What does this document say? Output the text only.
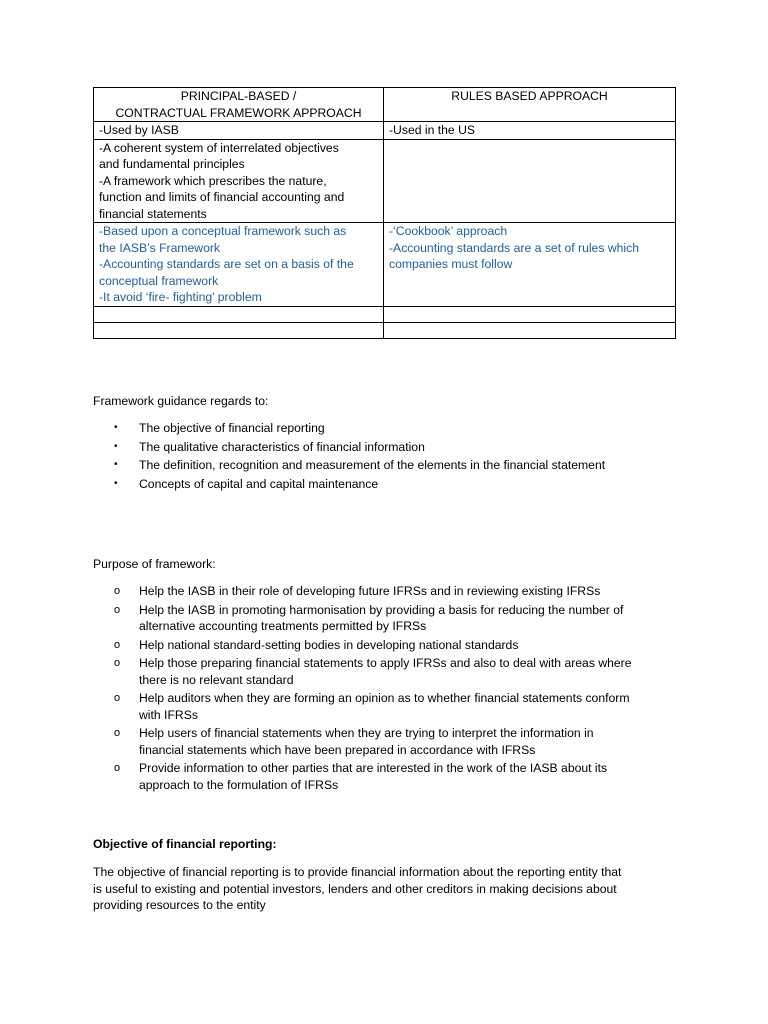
PRINCIPAL-BASED /
CONTRACTUAL FRAMEWORK APPROACH	RULES BASED APPROACH

-Used by IASB	-Used in the US

-A coherent system of interrelated objectives
and fundamental principles
-A framework which prescribes the nature,
function and limits of financial accounting and
financial statements	

-Based upon a conceptual framework such as
the IASB’s Framework
-Accounting standards are set on a basis of the
conceptual framework
-It avoid ‘fire- fighting’ problem	-‘Cookbook’ approach
-Accounting standards are a set of rules which
companies must follow

Framework guidance regards to:
• The objective of financial reporting
• The qualitative characteristics of financial information
• The definition, recognition and measurement of the elements in the financial statement
• Concepts of capital and capital maintenance
Purpose of framework:
o Help the IASB in their role of developing future IFRSs and in reviewing existing IFRSs
o Help the IASB in promoting harmonisation by providing a basis for reducing the number of
alternative accounting treatments permitted by IFRSs
o Help national standard-setting bodies in developing national standards
o Help those preparing financial statements to apply IFRSs and also to deal with areas where
there is no relevant standard
o Help auditors when they are forming an opinion as to whether financial statements conform
with IFRSs
o Help users of financial statements when they are trying to interpret the information in
financial statements which have been prepared in accordance with IFRSs
o Provide information to other parties that are interested in the work of the IASB about its
approach to the formulation of IFRSs
Objective of financial reporting:
The objective of financial reporting is to provide financial information about the reporting entity that
is useful to existing and potential investors, lenders and other creditors in making decisions about
providing resources to the entity
